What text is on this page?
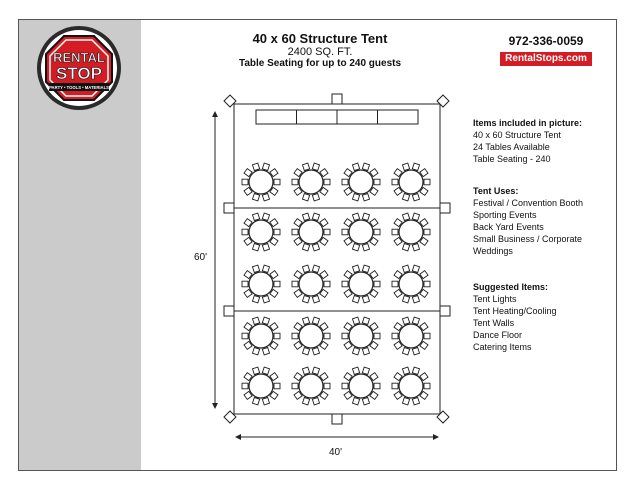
RENTAL
STOP
PARTY • TOOLS • MATERIALS
40 x 60 Structure Tent
2400 SQ. FT.
Table Seating for up to 240 guests
972-336-0059
RentalStops.com
60'
40'
Items included in picture:
40 x 60 Structure Tent
24 Tables Available
Table Seating - 240
Tent Uses:
Festival / Convention Booth
Sporting Events
Back Yard Events
Small Business / Corporate
Weddings
Suggested Items:
Tent Lights
Tent Heating/Cooling
Tent Walls
Dance Floor
Catering Items
